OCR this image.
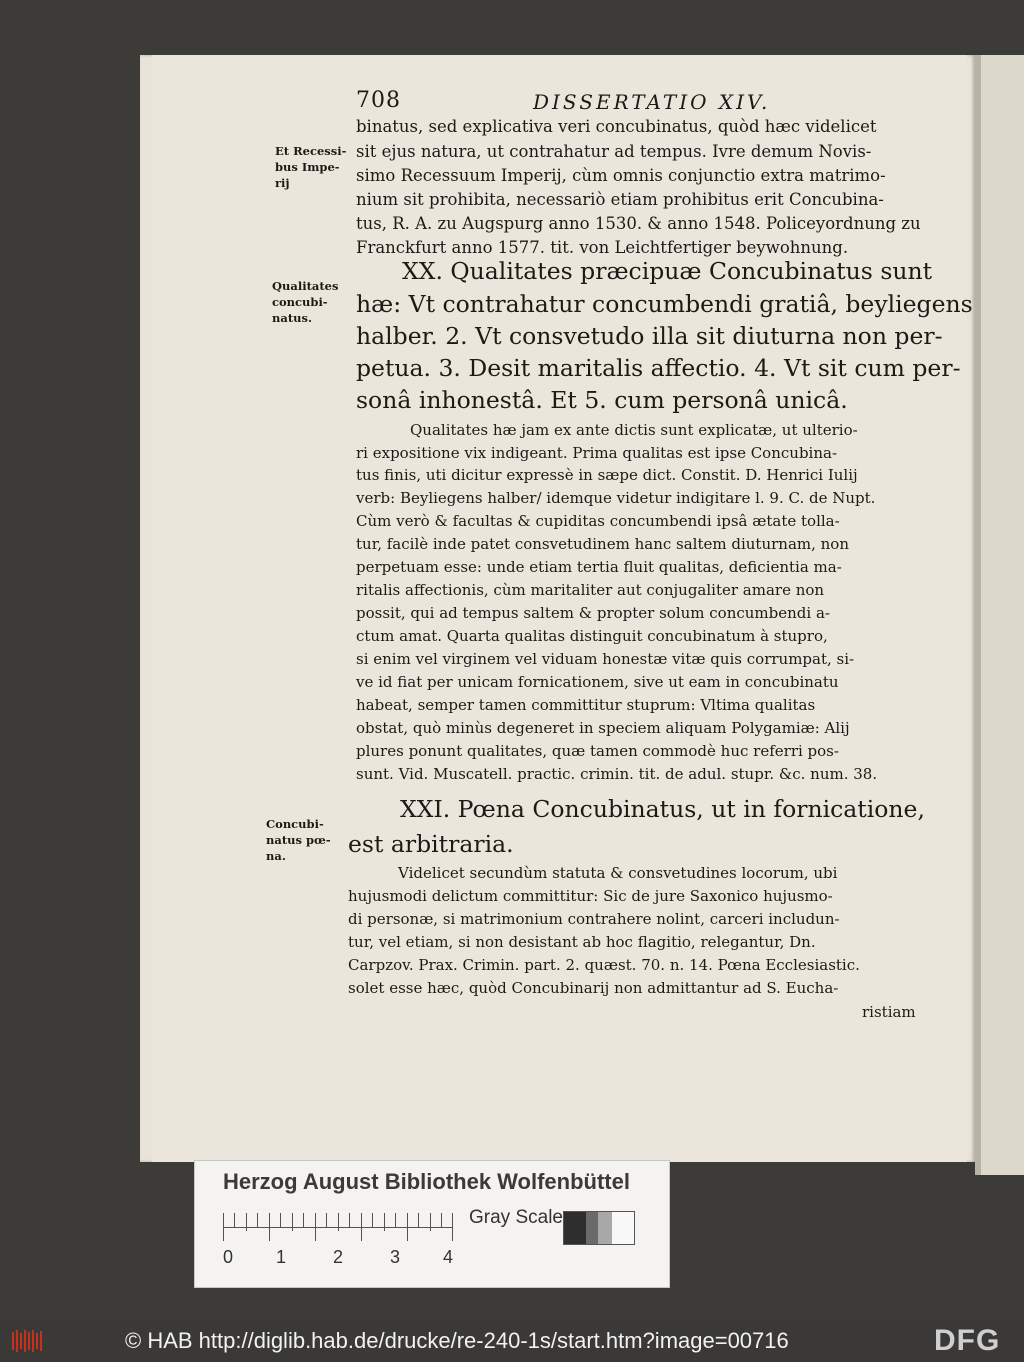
708	DISSERTATIO XIV.
Et Recessi-
bus Impe-
rij
Qualitates
concubi-
natus.
Concubi-
natus pœ-
na.
binatus, sed explicativa veri concubinatus, quòd hæc videlicet
sit ejus natura, ut contrahatur ad tempus. Ivre demum Novis-
simo Recessuum Imperij, cùm omnis conjunctio extra matrimo-
nium sit prohibita, necessariò etiam prohibitus erit Concubina-
tus, R. A. zu Augspurg anno 1530. & anno 1548. Policeyordnung zu
Franckfurt anno 1577. tit. von Leichtfertiger beywohnung.
XX. Qualitates præcipuæ Concubinatus sunt
hæ: Vt contrahatur concumbendi gratiâ, beyliegens
halber. 2. Vt consvetudo illa sit diuturna non per-
petua. 3. Desit maritalis affectio. 4. Vt sit cum per-
sonâ inhonestâ. Et 5. cum personâ unicâ.
Qualitates hæ jam ex ante dictis sunt explicatæ, ut ulterio-
ri expositione vix indigeant. Prima qualitas est ipse Concubina-
tus finis, uti dicitur expressè in sæpe dict. Constit. D. Henrici Iulij
verb: Beyliegens halber/ idemque videtur indigitare l. 9. C. de Nupt.
Cùm verò & facultas & cupiditas concumbendi ipsâ ætate tolla-
tur, facilè inde patet consvetudinem hanc saltem diuturnam, non
perpetuam esse: unde etiam tertia fluit qualitas, deficientia ma-
ritalis affectionis, cùm maritaliter aut conjugaliter amare non
possit, qui ad tempus saltem & propter solum concumbendi a-
ctum amat. Quarta qualitas distinguit concubinatum à stupro,
si enim vel virginem vel viduam honestæ vitæ quis corrumpat, si-
ve id fiat per unicam fornicationem, sive ut eam in concubinatu
habeat, semper tamen committitur stuprum: Vltima qualitas
obstat, quò minùs degeneret in speciem aliquam Polygamiæ: Alij
plures ponunt qualitates, quæ tamen commodè huc referri pos-
sunt. Vid. Muscatell. practic. crimin. tit. de adul. stupr. &c. num. 38.
XXI. Pœna Concubinatus, ut in fornicatione,
est arbitraria.
Videlicet secundùm statuta & consvetudines locorum, ubi
hujusmodi delictum committitur: Sic de jure Saxonico hujusmo-
di personæ, si matrimonium contrahere nolint, carceri includun-
tur, vel etiam, si non desistant ab hoc flagitio, relegantur, Dn.
Carpzov. Prax. Crimin. part. 2. quæst. 70. n. 14. Pœna Ecclesiastic.
solet esse hæc, quòd Concubinarij non admittantur ad S. Eucha-
ristiam
Herzog August Bibliothek Wolfenbüttel
0 1	2	3 4
Gray Scale
© HAB http://diglib.hab.de/drucke/re-240-1s/start.htm?image=00716	DFG
